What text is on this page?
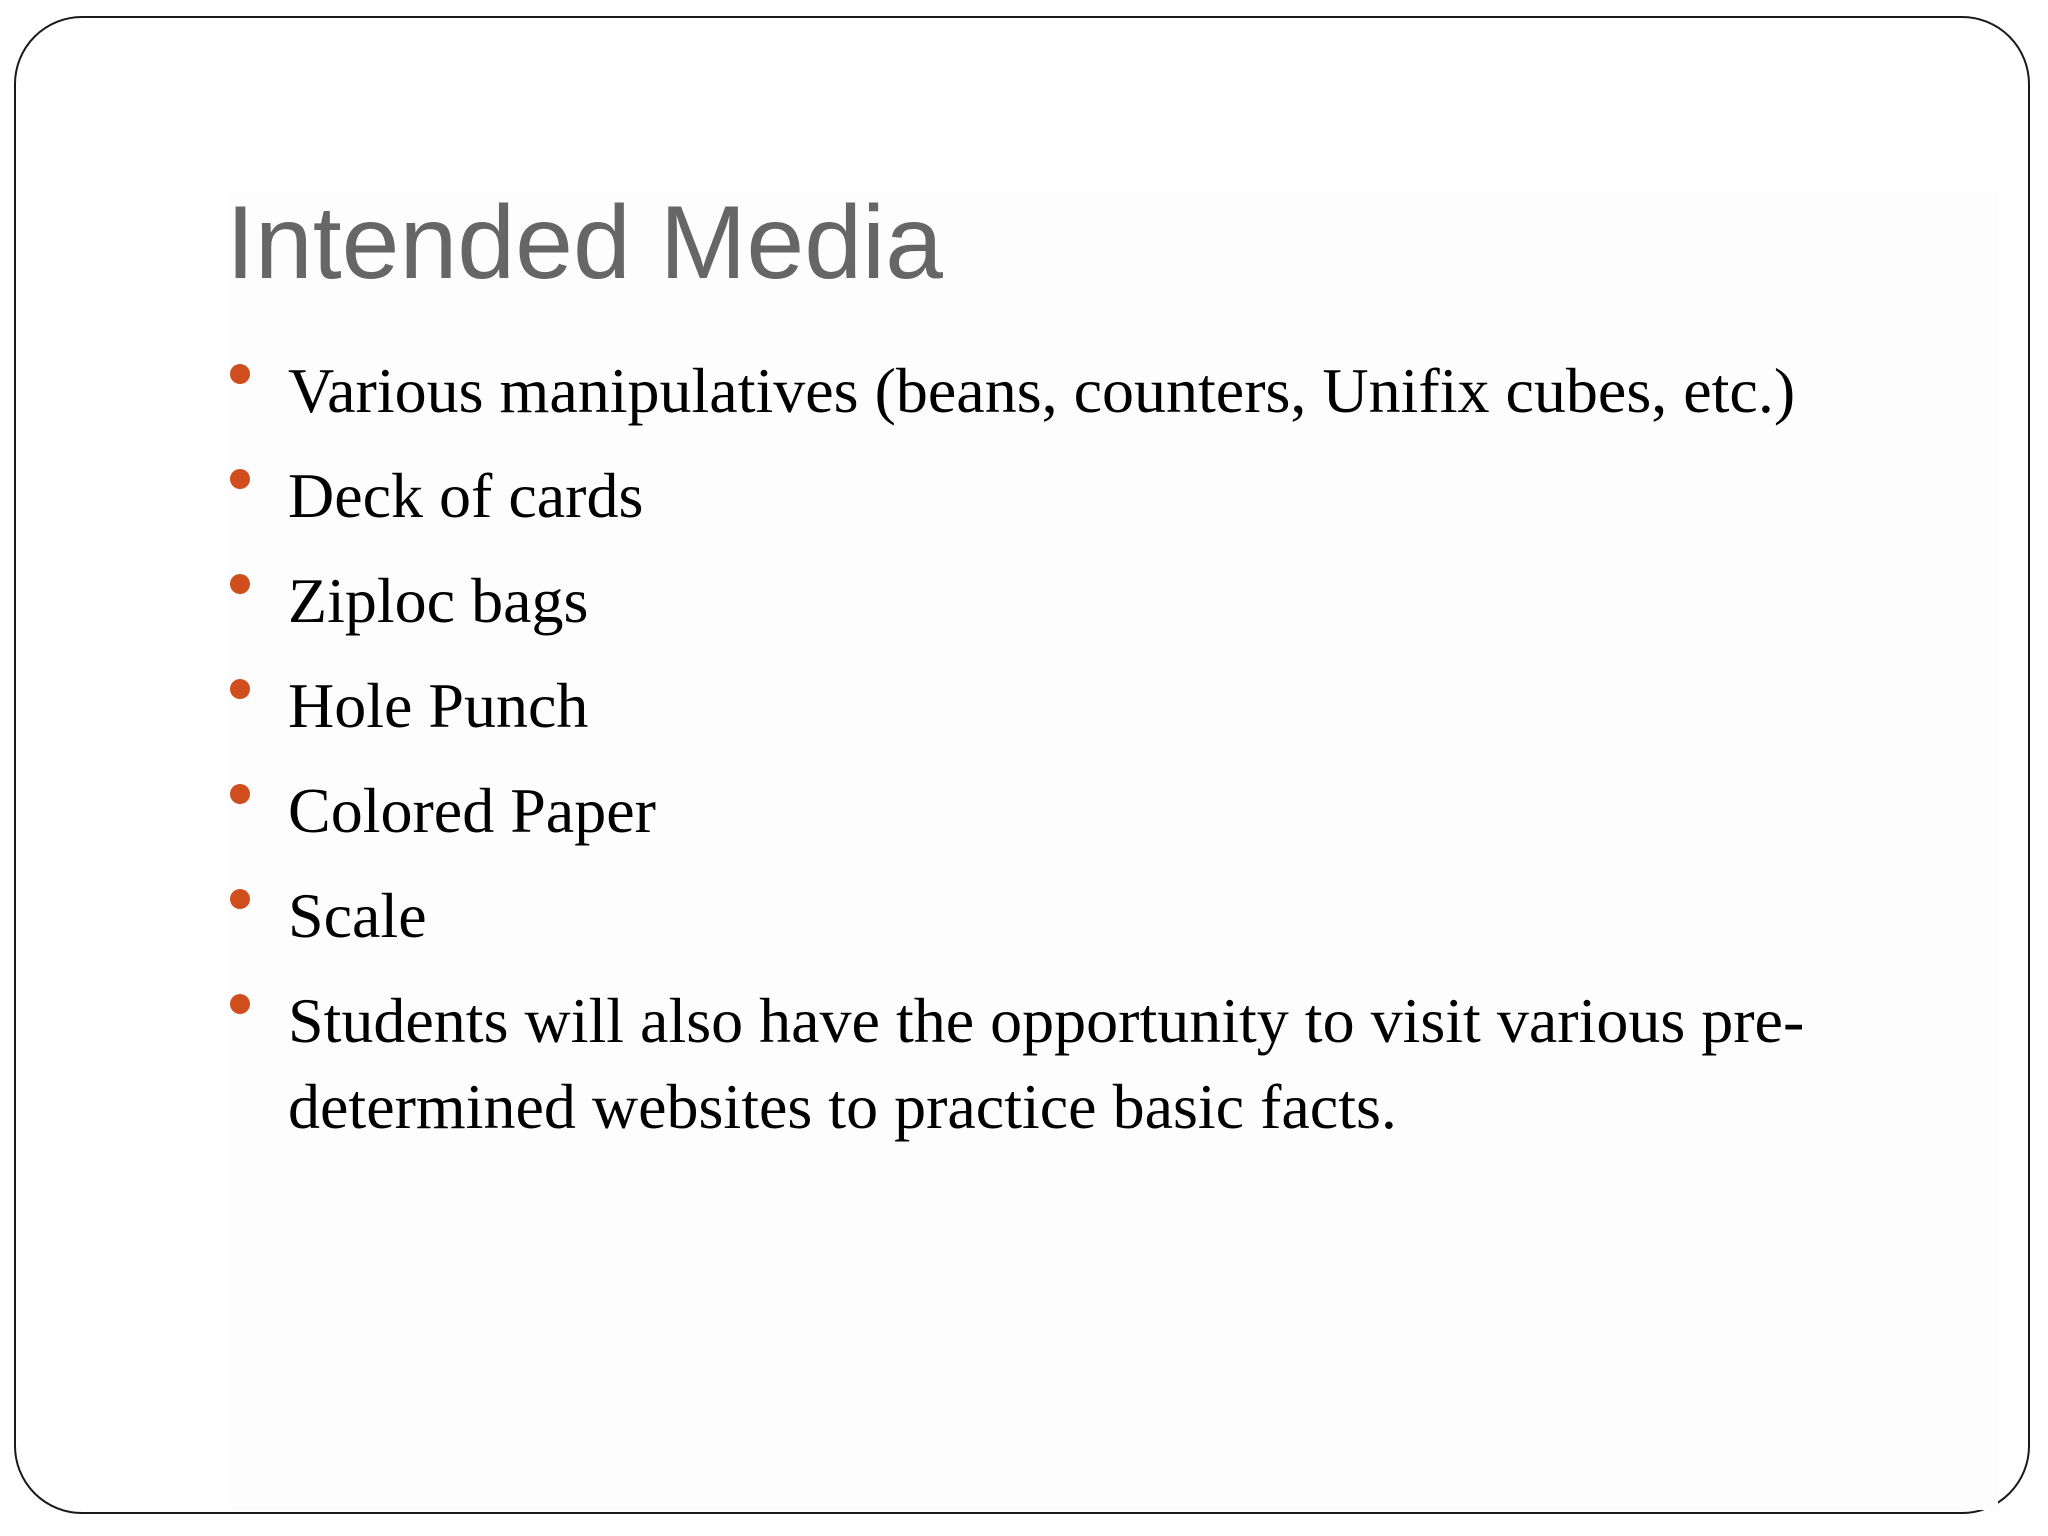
Intended Media
Various manipulatives (beans, counters, Unifix cubes, etc.)
Deck of cards
Ziploc bags
Hole Punch
Colored Paper
Scale
Students will also have the opportunity to visit various pre-determined websites to practice basic facts.
